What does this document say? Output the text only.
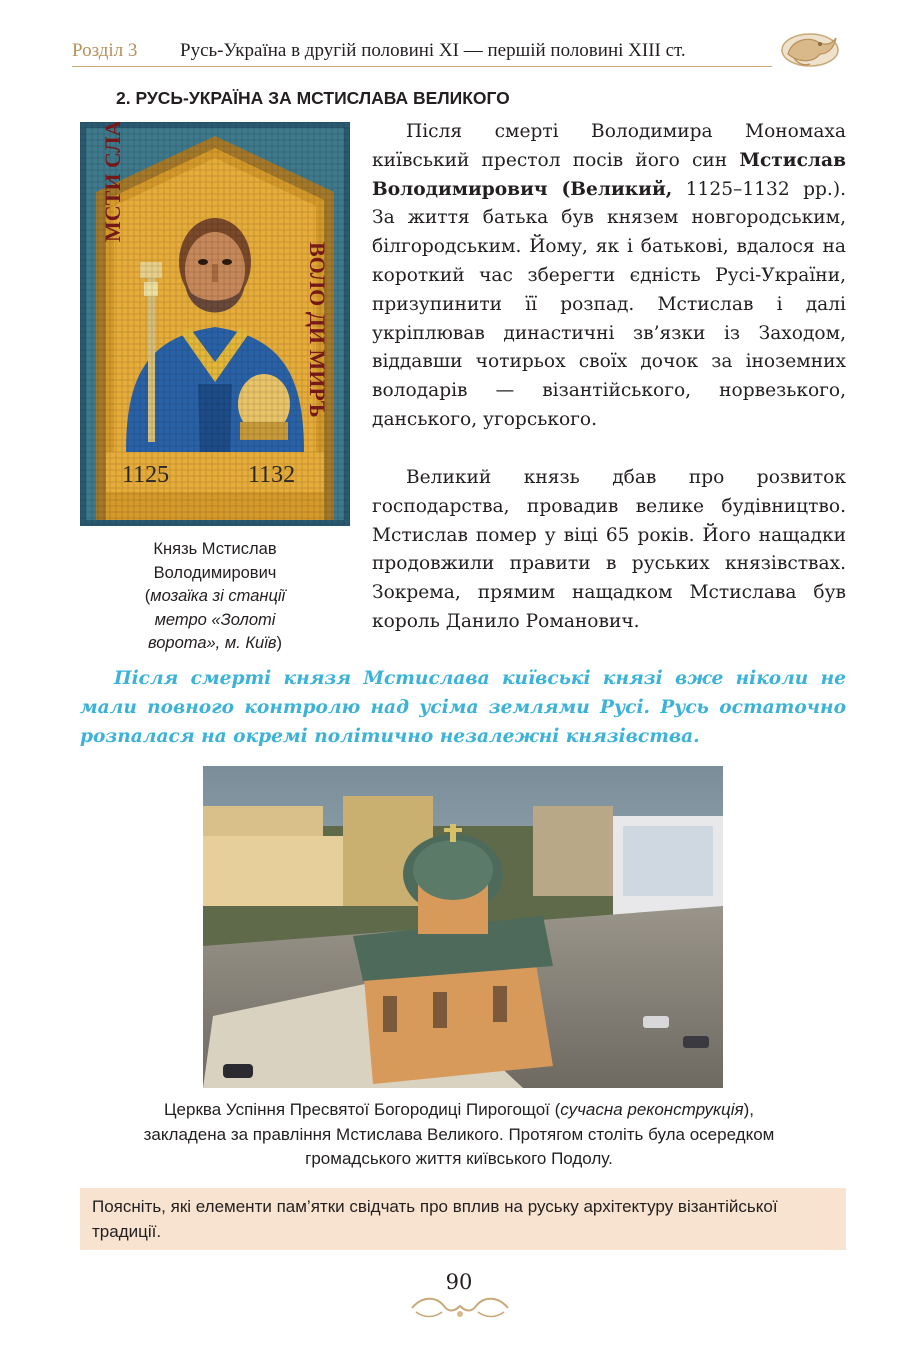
Розділ 3 Русь-Україна в другій половині ХІ — першій половині ХІІІ ст.
2. РУСЬ-УКРАЇНА ЗА МСТИСЛАВА ВЕЛИКОГО
Князь Мстислав
Володимирович
(мозаїка зі станції
метро «Золоті
ворота», м. Київ)
Після смерті Володимира Мономаха київський престол посів його син Мстислав Володимирович (Великий, 1125–1132 рр.). За життя батька був князем новгородським, білгородським. Йому, як і батькові, вдалося на короткий час зберегти єдність Русі-України, призупинити її розпад. Мстислав і далі укріплював династичні зв’язки із Заходом, віддавши чотирьох своїх дочок за іноземних володарів — візантійського, норвезького, данського, угорського.
Великий князь дбав про розвиток господарства, провадив велике будівництво. Мстислав помер у віці 65 років. Його нащадки продовжили правити в руських князівствах. Зокрема, прямим нащадком Мстислава був король Данило Романович.
Після смерті князя Мстислава київські князі вже ніколи не мали повного контролю над усіма землями Русі. Русь остаточно розпалася на окремі політично незалежні князівства.
Церква Успіння Пресвятої Богородиці Пирогощої (сучасна реконструкція),
закладена за правління Мстислава Великого. Протягом століть була осередком
громадського життя київського Подолу.
Поясніть, які елементи пам’ятки свідчать про вплив на руську архітектуру візантійської традиції.
90
